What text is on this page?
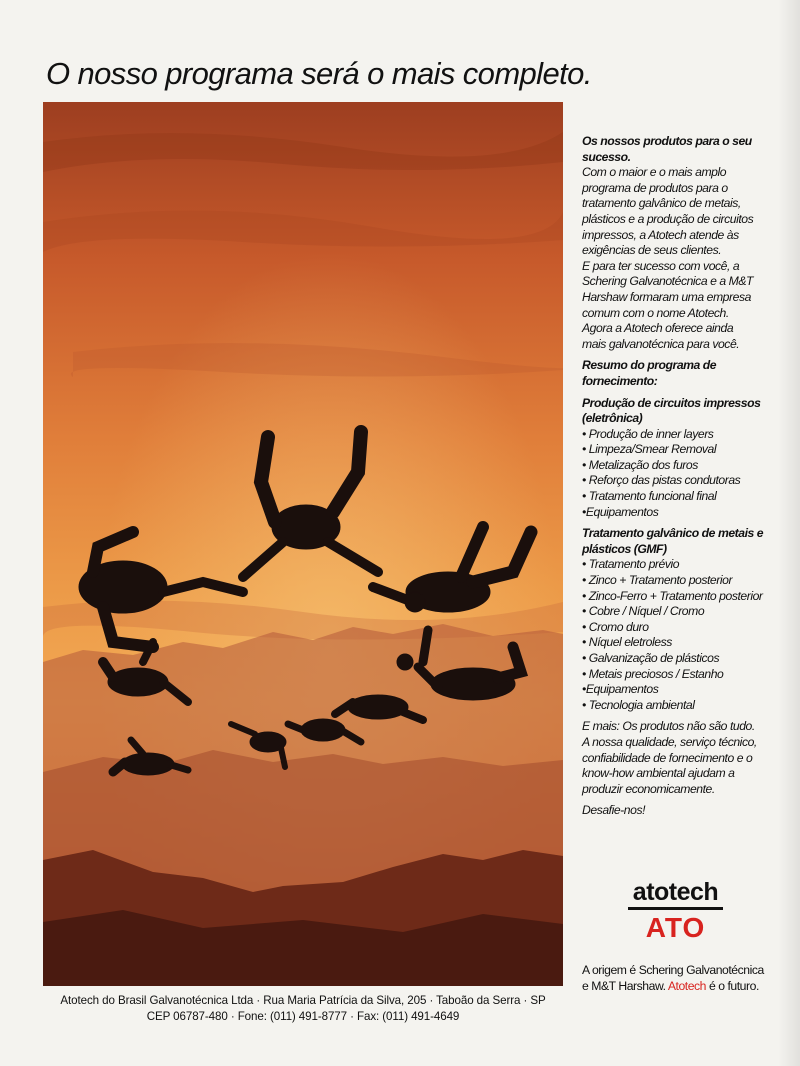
O nosso programa será o mais completo.

Os nossos produtos para o seu sucesso.

Com o maior e o mais amplo

programa de produtos para o

tratamento galvânico de metais,

plásticos e a produção de circuitos

impressos, a Atotech atende às

exigências de seus clientes.

E para ter sucesso com você, a

Schering Galvanotécnica e a M&T

Harshaw formaram uma empresa

comum com o nome Atotech.

Agora a Atotech oferece ainda

mais galvanotécnica para você.

Resumo do programa de fornecimento:

Produção de circuitos impressos (eletrônica)

• Produção de inner layers
• Limpeza/Smear Removal
• Metalização dos furos
• Reforço das pistas condutoras
• Tratamento funcional final
•Equipamentos

Tratamento galvânico de metais e plásticos (GMF)

• Tratamento prévio
• Zinco + Tratamento posterior
• Zinco-Ferro + Tratamento posterior
• Cobre / Níquel / Cromo
• Cromo duro
• Níquel eletroless
• Galvanização de plásticos
• Metais preciosos / Estanho
•Equipamentos
• Tecnologia ambiental

E mais: Os produtos não são tudo.

A nossa qualidade, serviço técnico,

confiabilidade de fornecimento e o

know-how ambiental ajudam a

produzir economicamente.

Desafie-nos!

atotech
ATO
A origem é Schering Galvanotécnica
e M&T Harshaw. Atotech é o futuro.
Atotech do Brasil Galvanotécnica Ltda · Rua Maria Patrícia da Silva, 205 · Taboão da Serra · SP
CEP 06787-480 · Fone: (011) 491-8777 · Fax: (011) 491-4649
